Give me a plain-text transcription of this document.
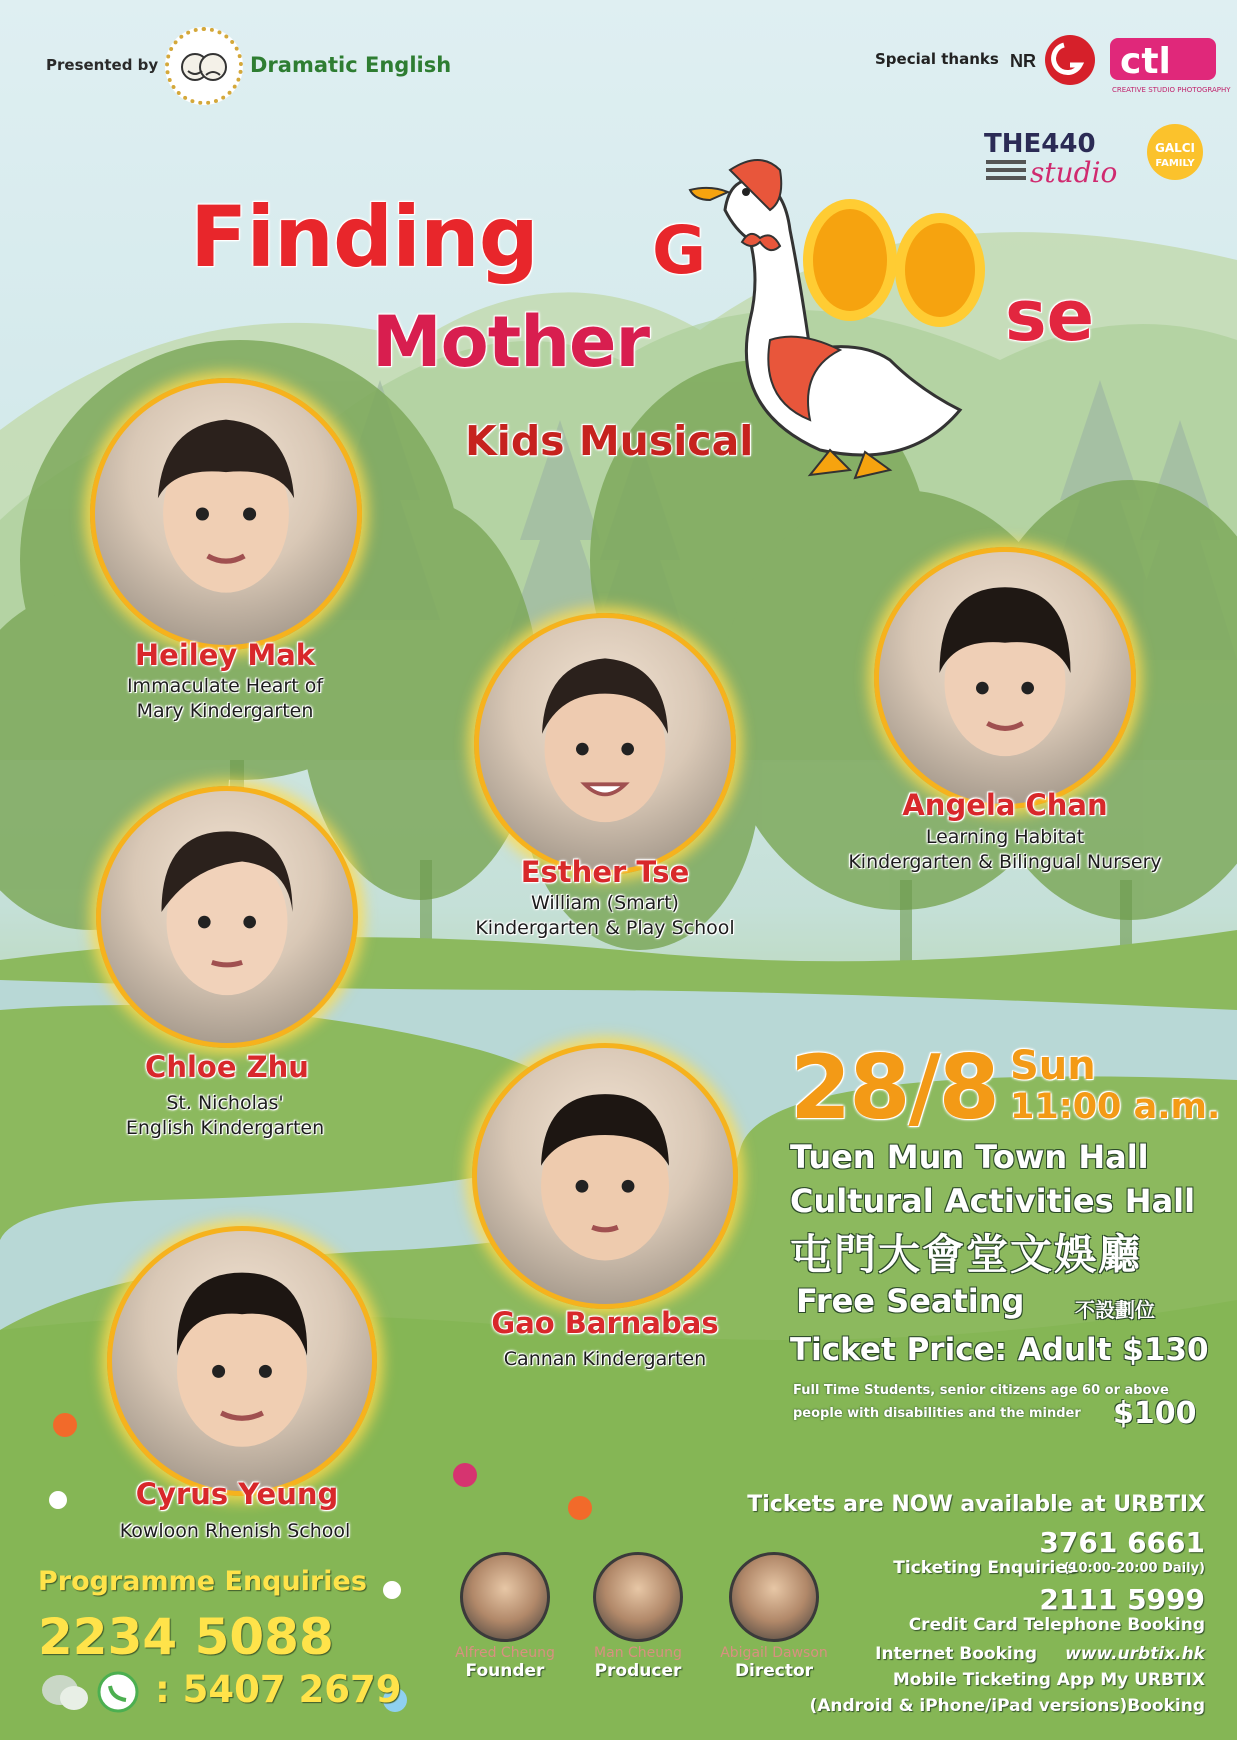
Presented by	Dramatic English	Special thanks NR ctl
CREATIVE STUDIO PHOTOGRAPHY
THE440
studio
GALCI
FAMILY
Finding G
se
Mother
Kids Musical
Heiley Mak
Immaculate Heart of
Mary Kindergarten
Esther Tse
William (Smart)
Kindergarten & Play School
Angela Chan
Learning Habitat
Kindergarten & Bilingual Nursery
Chloe Zhu
St. Nicholas'
English Kindergarten
Gao Barnabas
Cannan Kindergarten
Cyrus Yeung
Kowloon Rhenish School
28/8 Sun
11:00 a.m.
Tuen Mun Town Hall
Cultural Activities Hall
屯門大會堂文娛廳
Free Seating	不設劃位
Ticket Price: Adult $130
Full Time Students, senior citizens age 60 or above
people with disabilities and the minder $100
Tickets are NOW available at URBTIX
3761 6661
Ticketing Enquiries
(10:00-20:00 Daily)
2111 5999
Credit Card Telephone Booking
Internet Booking www.urbtix.hk
Mobile Ticketing App My URBTIX
(Android & iPhone/iPad versions)Booking
Programme Enquiries
2234 5088
: 5407 2679
Alfred Cheung
Founder
Man Cheung
Producer
Abigail Dawson
Director
